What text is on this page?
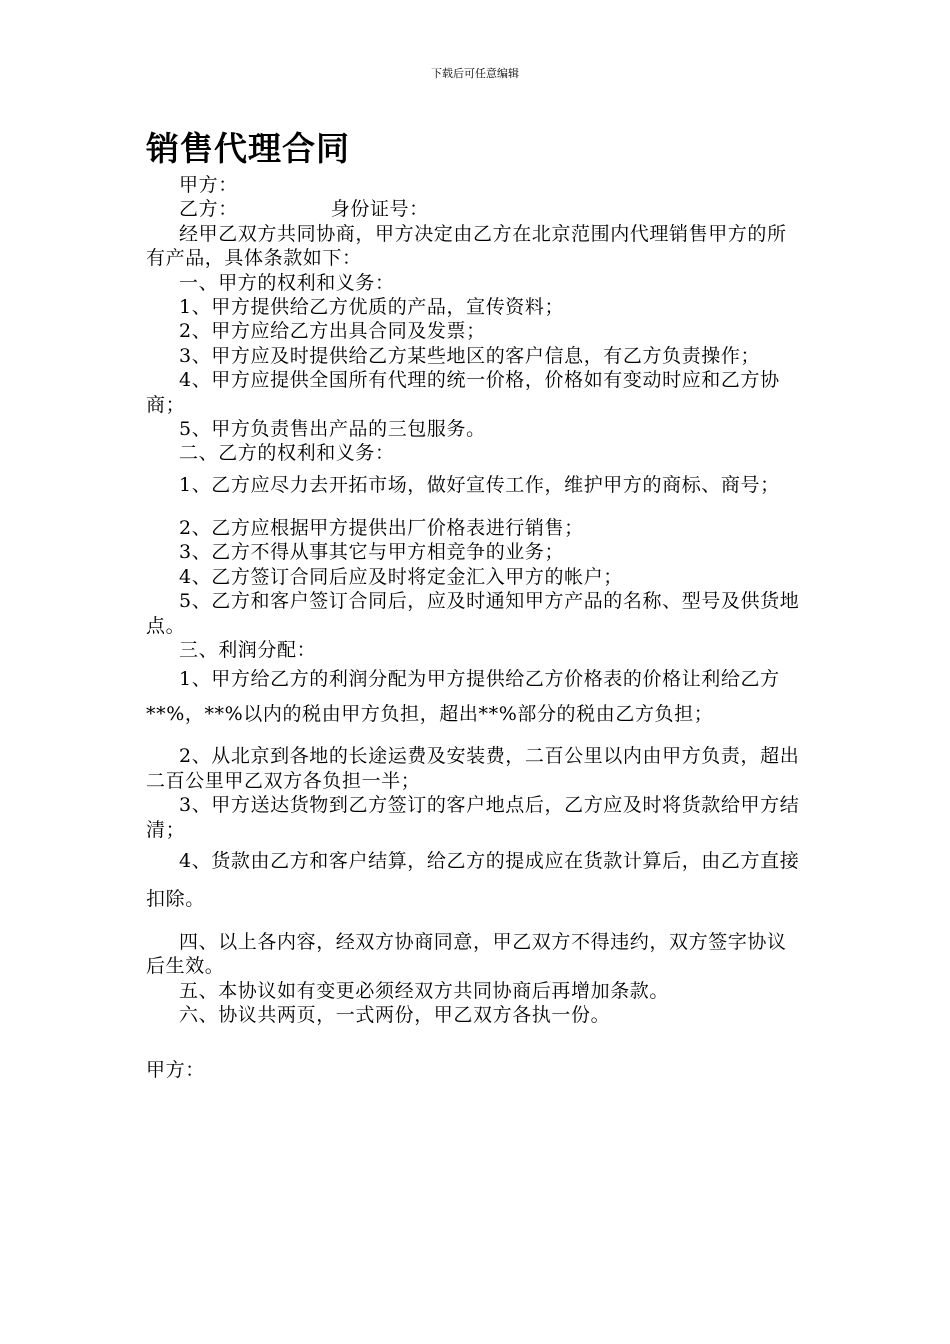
下载后可任意编辑
销售代理合同

甲方：

乙方：              身份证号：

经甲乙双方共同协商，甲方决定由乙方在北京范围内代理销售甲方的所有产品，具体条款如下：

一、甲方的权利和义务：

1、甲方提供给乙方优质的产品，宣传资料；

2、甲方应给乙方出具合同及发票；

3、甲方应及时提供给乙方某些地区的客户信息，有乙方负责操作；

4、甲方应提供全国所有代理的统一价格，价格如有变动时应和乙方协商；

5、甲方负责售出产品的三包服务。

二、乙方的权利和义务：

1、乙方应尽力去开拓市场，做好宣传工作，维护甲方的商标、商号；

2、乙方应根据甲方提供出厂价格表进行销售；

3、乙方不得从事其它与甲方相竞争的业务；

4、乙方签订合同后应及时将定金汇入甲方的帐户；

5、乙方和客户签订合同后，应及时通知甲方产品的名称、型号及供货地点。

三、利润分配：

1、甲方给乙方的利润分配为甲方提供给乙方价格表的价格让利给乙方**%，**%以内的税由甲方负担，超出**%部分的税由乙方负担；

2、从北京到各地的长途运费及安装费，二百公里以内由甲方负责，超出二百公里甲乙双方各负担一半；

3、甲方送达货物到乙方签订的客户地点后，乙方应及时将货款给甲方结清；

4、货款由乙方和客户结算，给乙方的提成应在货款计算后，由乙方直接扣除。

四、以上各内容，经双方协商同意，甲乙双方不得违约，双方签字协议后生效。

五、本协议如有变更必须经双方共同协商后再增加条款。

六、协议共两页，一式两份，甲乙双方各执一份。

甲方：
